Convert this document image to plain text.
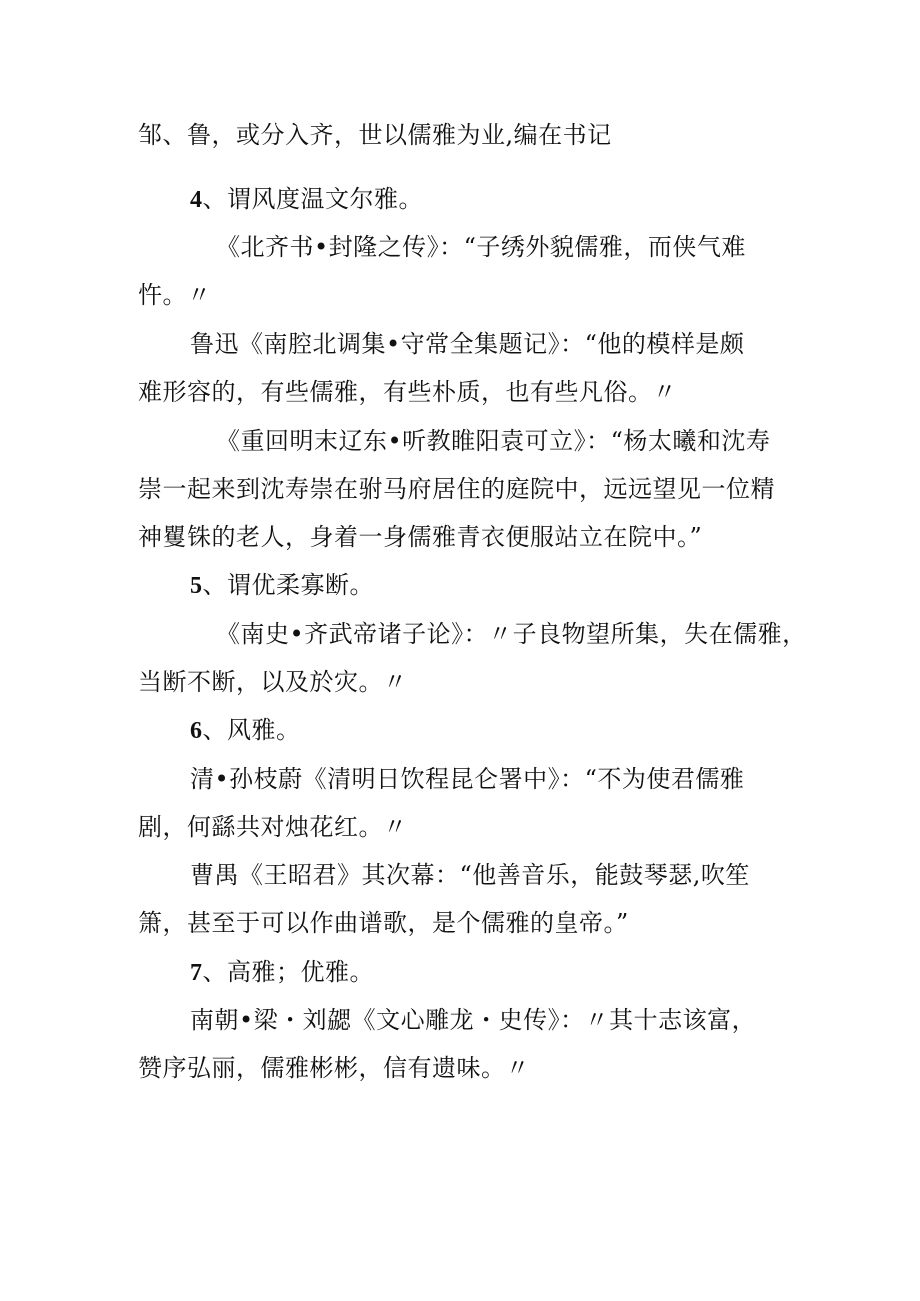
邹、鲁，或分入齐，世以儒雅为业,编在书记
4、谓风度温文尔雅。
《北齐书•封隆之传》：“子绣外貌儒雅，而侠气难
忤。〃
鲁迅《南腔北调集•守常全集题记》：“他的模样是颇
难形容的，有些儒雅，有些朴质，也有些凡俗。〃
《重回明末辽东•听教睢阳袁可立》：“杨太曦和沈寿
崇一起来到沈寿崇在驸马府居住的庭院中，远远望见一位精
神矍铢的老人，身着一身儒雅青衣便服站立在院中。”
5、谓优柔寡断。
《南史•齐武帝诸子论》：〃子良物望所集，失在儒雅，
当断不断，以及於灾。〃
6、风雅。
清•孙枝蔚《清明日饮程昆仑署中》：“不为使君儒雅
剧，何繇共对烛花红。〃
曹禺《王昭君》其次幕：“他善音乐，能鼓琴瑟,吹笙
箫，甚至于可以作曲谱歌，是个儒雅的皇帝。”
7、高雅；优雅。
南朝•梁・刘勰《文心雕龙・史传》：〃其十志该富，
赞序弘丽，儒雅彬彬，信有遗味。〃
